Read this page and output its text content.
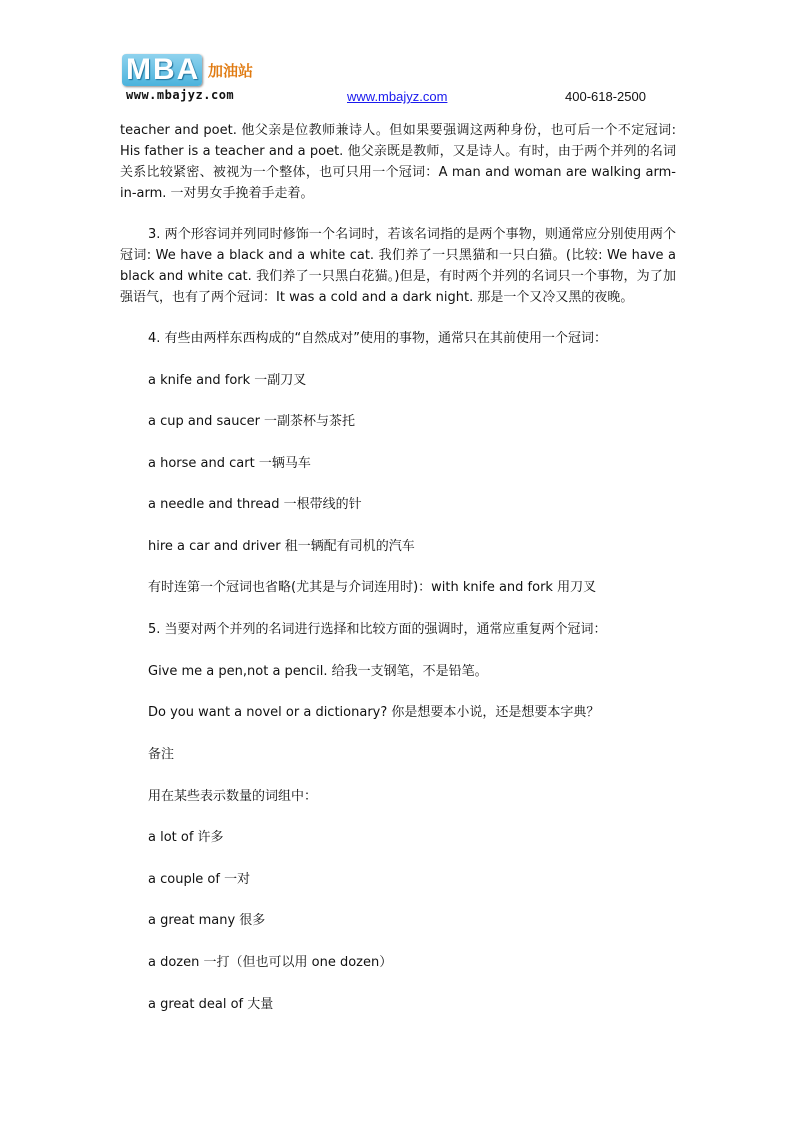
MBA 加油站
www.mbajyz.com	www.mbajyz.com	400-618-2500

teacher and poet. 他父亲是位教师兼诗人。但如果要强调这两种身份，也可后一个不定冠词: His father is a teacher and a poet. 他父亲既是教师，又是诗人。有时，由于两个并列的名词关系比较紧密、被视为一个整体，也可只用一个冠词：A man and woman are walking arm-in-arm. 一对男女手挽着手走着。

3. 两个形容词并列同时修饰一个名词时，若该名词指的是两个事物，则通常应分别使用两个冠词: We have a black and a white cat. 我们养了一只黑猫和一只白猫。(比较: We have a black and white cat. 我们养了一只黑白花猫。)但是，有时两个并列的名词只一个事物，为了加强语气，也有了两个冠词：It was a cold and a dark night. 那是一个又冷又黑的夜晚。

4. 有些由两样东西构成的“自然成对”使用的事物，通常只在其前使用一个冠词：
a knife and fork 一副刀叉
a cup and saucer 一副茶杯与茶托
a horse and cart 一辆马车
a needle and thread 一根带线的针
hire a car and driver 租一辆配有司机的汽车
有时连第一个冠词也省略(尤其是与介词连用时)：with knife and fork 用刀叉
5. 当要对两个并列的名词进行选择和比较方面的强调时，通常应重复两个冠词：
Give me a pen,not a pencil. 给我一支钢笔，不是铅笔。
Do you want a novel or a dictionary? 你是想要本小说，还是想要本字典？
备注
用在某些表示数量的词组中：
a lot of 许多
a couple of 一对
a great many 很多
a dozen 一打（但也可以用 one dozen）
a great deal of 大量
